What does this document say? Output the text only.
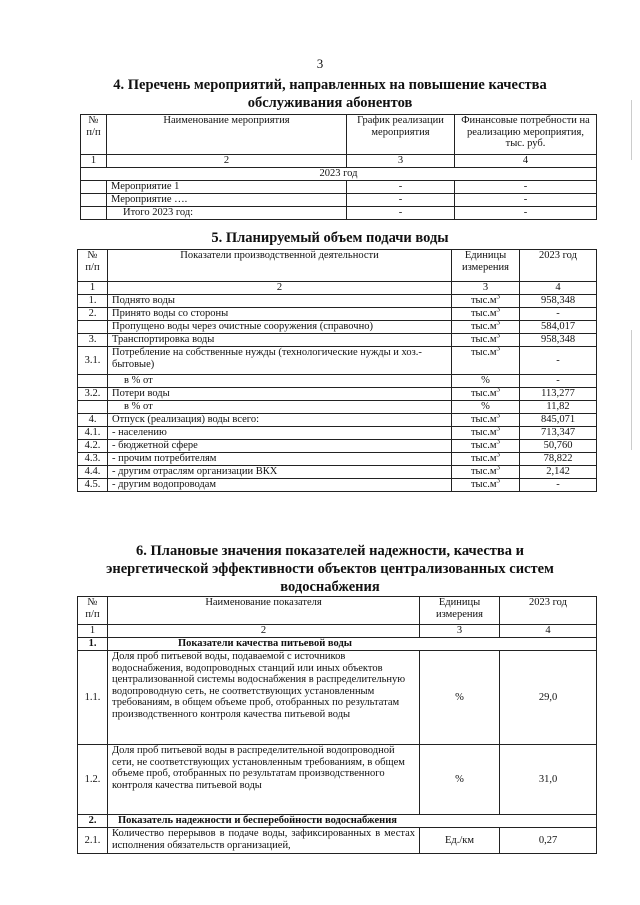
3
4. Перечень мероприятий, направленных на повышение качества
обслуживания абонентов
№ п/п	Наименование мероприятия	График реализации мероприятия	Финансовые потребности на реализацию мероприятия, тыс. руб.
1	2	3	4
2023 год			
	Мероприятие 1	-	-
	Мероприятие ….	-	-
	Итого 2023 год:	-	-
5. Планируемый объем подачи воды
№ п/п	Показатели производственной деятельности	Единицы измерения	2023 год
1	2	3	4
1.	Поднято воды	$тыс.м^3$	958,348
2.	Принято воды со стороны	$тыс.м^3$	-
	Пропущено воды через очистные сооружения (справочно)	$тыс.м^3$	584,017
3.	Транспортировка воды	$тыс.м^3$	958,348
3.1.	Потребление на собственные нужды (технологические нужды и хоз.-бытовые)	$тыс.м^3$	-
	в % от	%	-
3.2.	Потери воды	$тыс.м^3$	113,277
	в % от	%	11,82
4.	Отпуск (реализация) воды всего:	$тыс.м^3$	845,071
4.1.	- населению	$тыс.м^3$	713,347
4.2.	- бюджетной сфере	$тыс.м^3$	50,760
4.3.	- прочим потребителям	$тыс.м^3$	78,822
4.4.	- другим отраслям организации ВКХ	$тыс.м^3$	2,142
4.5.	- другим водопроводам	$тыс.м^3$	-
6. Плановые значения показателей надежности, качества и
энергетической эффективности объектов централизованных систем
водоснабжения
№ п/п	Наименование показателя	Единицы измерения	2023 год
1	2	3	4
1.	Показатели качества питьевой воды		
1.1.	Доля проб питьевой воды, подаваемой с источников водоснабжения, водопроводных станций или иных объектов централизованной системы водоснабжения в распределительную водопроводную сеть, не соответствующих установленным требованиям, в общем объеме проб, отобранных по результатам производственного контроля качества питьевой воды	%	29,0
1.2.	Доля проб питьевой воды в распределительной водопроводной сети, не соответствующих установленным требованиям, в общем объеме проб, отобранных по результатам производственного контроля качества питьевой воды	%	31,0
2.	Показатель надежности и бесперебойности водоснабжения		
2.1.	Количество перерывов в подаче воды, зафиксированных в местах исполнения обязательств организацией,	Ед./км	0,27
